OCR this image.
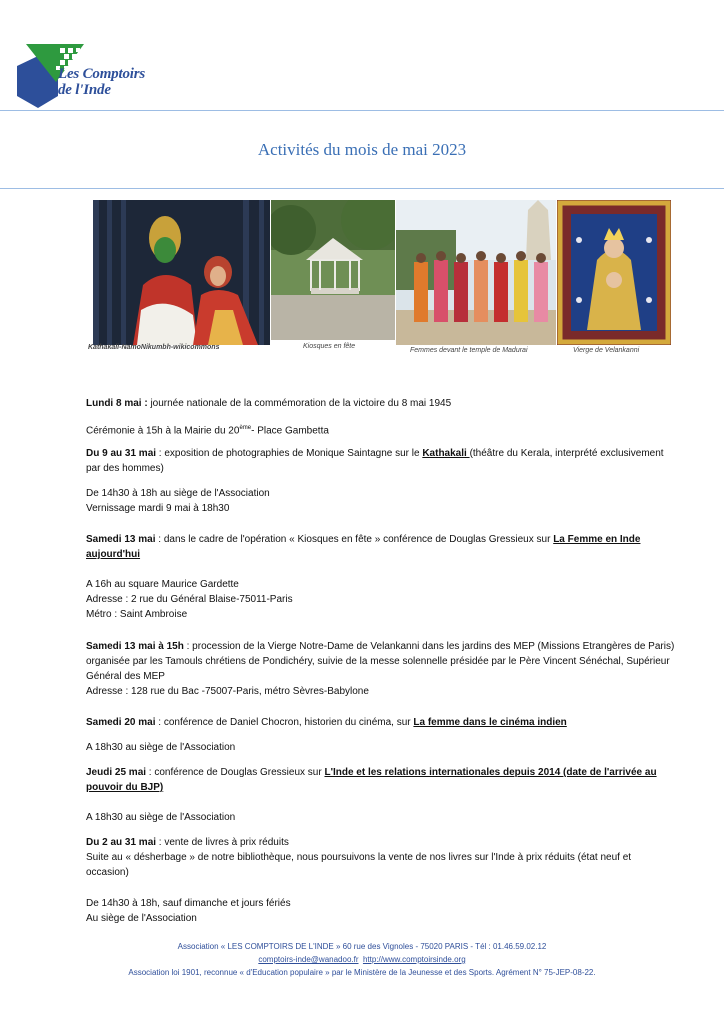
Les Comptoirs
de l'Inde
Activités du mois de mai 2023
Kathakali-NamoNikumbh-wikicommons	Kiosques en fête
Femmes devant le temple de Madurai	Vierge de Velankanni
Lundi 8 mai : journée nationale de la commémoration de la victoire du 8 mai 1945
Cérémonie à 15h à la Mairie du 20ème- Place Gambetta
Du 9 au 31 mai : exposition de photographies de Monique Saintagne sur le Kathakali (théâtre du Kerala, interprété exclusivement par des hommes)
De 14h30 à 18h au siège de l'Association
Vernissage mardi 9 mai à 18h30
Samedi 13 mai : dans le cadre de l'opération « Kiosques en fête » conférence de Douglas Gressieux sur La Femme en Inde aujourd'hui
A 16h au square Maurice Gardette
Adresse : 2 rue du Général Blaise-75011-Paris
Métro : Saint Ambroise
Samedi 13 mai à 15h : procession de la Vierge Notre-Dame de Velankanni dans les jardins des MEP (Missions Etrangères de Paris) organisée par les Tamouls chrétiens de Pondichéry, suivie de la messe solennelle présidée par le Père Vincent Sénéchal, Supérieur Général des MEP
Adresse : 128 rue du Bac -75007-Paris, métro Sèvres-Babylone
Samedi 20 mai : conférence de Daniel Chocron, historien du cinéma, sur La femme dans le cinéma indien
A 18h30 au siège de l'Association
Jeudi 25 mai : conférence de Douglas Gressieux sur L'Inde et les relations internationales depuis 2014 (date de l'arrivée au pouvoir du BJP)
A 18h30 au siège de l'Association
Du 2 au 31 mai : vente de livres à prix réduits
Suite au « désherbage » de notre bibliothèque, nous poursuivons la vente de nos livres sur l'Inde à prix réduits (état neuf et occasion)
De 14h30 à 18h, sauf dimanche et jours fériés
Au siège de l'Association
Association « LES COMPTOIRS DE L'INDE » 60 rue des Vignoles - 75020 PARIS - Tél : 01.46.59.02.12
comptoirs-inde@wanadoo.fr http://www.comptoirsinde.org
Association loi 1901, reconnue « d'Education populaire » par le Ministère de la Jeunesse et des Sports. Agrément N° 75-JEP-08-22.
